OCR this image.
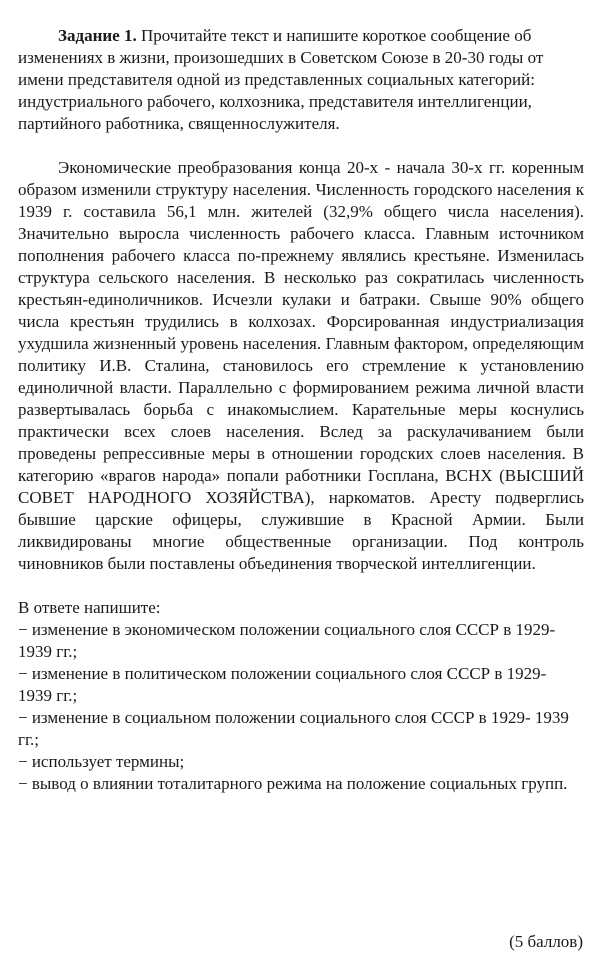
Задание 1. Прочитайте текст и напишите короткое сообщение об изменениях в жизни, произошедших в Советском Союзе в 20-30 годы от имени представителя одной из представленных социальных категорий: индустриального рабочего, колхозника, представителя интеллигенции, партийного работника, священнослужителя.

Экономические преобразования конца 20-х - начала 30-х гг. коренным образом изменили структуру населения. Численность городского населения к 1939 г. составила 56,1 млн. жителей (32,9% общего числа населения). Значительно выросла численность рабочего класса. Главным источником пополнения рабочего класса по-прежнему являлись крестьяне. Изменилась структура сельского населения. В несколько раз сократилась численность крестьян-единоличников. Исчезли кулаки и батраки. Свыше 90% общего числа крестьян трудились в колхозах. Форсированная индустриализация ухудшила жизненный уровень населения. Главным фактором, определяющим политику И.В. Сталина, становилось его стремление к установлению единоличной власти. Параллельно с формированием режима личной власти развертывалась борьба с инакомыслием. Карательные меры коснулись практически всех слоев населения. Вслед за раскулачиванием были проведены репрессивные меры в отношении городских слоев населения. В категорию «врагов народа» попали работники Госплана, ВСНХ (ВЫСШИЙ СОВЕТ НАРОДНОГО ХОЗЯЙСТВА), наркоматов. Аресту подверглись бывшие царские офицеры, служившие в Красной Армии. Были ликвидированы многие общественные организации. Под контроль чиновников были поставлены объединения творческой интеллигенции.

В ответе напишите:
− изменение в экономическом положении социального слоя СССР в 1929- 1939 гг.;
− изменение в политическом положении социального слоя СССР в 1929- 1939 гг.;
− изменение в социальном положении социального слоя СССР в 1929- 1939 гг.;
− использует термины;
− вывод о влиянии тоталитарного режима на положение социальных групп.
(5 баллов)
